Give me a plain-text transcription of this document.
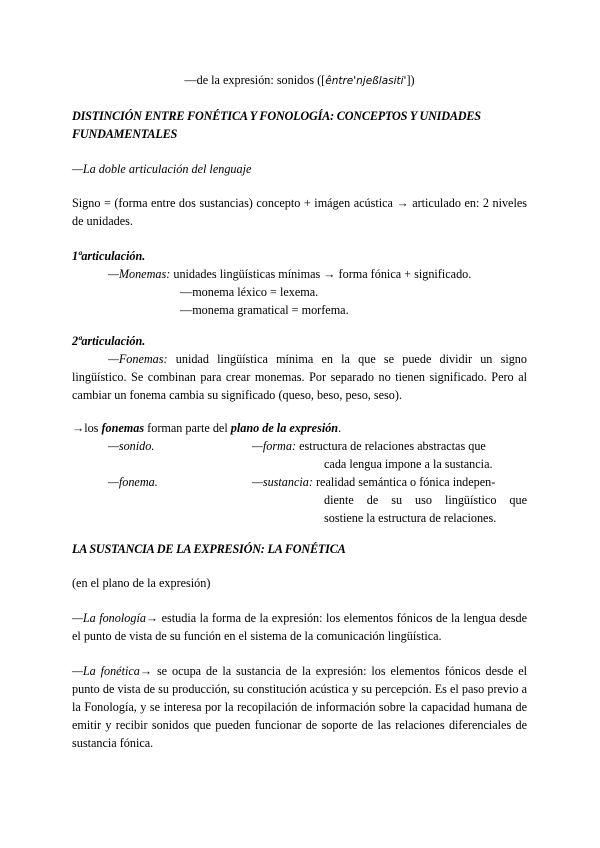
—de la expresión: sonidos ([êntre'njeßlasiti'])
DISTINCIÓN ENTRE FONÉTICA Y FONOLOGÍA: CONCEPTOS Y UNIDADES
FUNDAMENTALES
—La doble articulación del lenguaje
Signo = (forma entre dos sustancias) concepto + imágen acústica → articulado en: 2 niveles de unidades.
1ªarticulación.
—Monemas: unidades lingüísticas mínimas → forma fónica + significado.
—monema léxico = lexema.
—monema gramatical = morfema.
2ªarticulación.
—Fonemas: unidad lingüística mínima en la que se puede dividir un signo lingüístico. Se combinan para crear monemas. Por separado no tienen significado. Pero al cambiar un fonema cambia su significado (queso, beso, peso, seso).
→los fonemas forman parte del plano de la expresión.
—sonido.	—forma: estructura de relaciones abstractas que
cada lengua impone a la sustancia.
—fonema.	—sustancia: realidad semántica o fónica indepen-
diente de su uso lingüístico que
sostiene la estructura de relaciones.
LA SUSTANCIA DE LA EXPRESIÓN: LA FONÉTICA
(en el plano de la expresión)
—La fonología→ estudia la forma de la expresión: los elementos fónicos de la lengua desde el punto de vista de su función en el sistema de la comunicación lingüística.
—La fonética→ se ocupa de la sustancia de la expresión: los elementos fónicos desde el punto de vista de su producción, su constitución acústica y su percepción. Es el paso previo a la Fonología, y se interesa por la recopilación de información sobre la capacidad humana de emitir y recibir sonidos que pueden funcionar de soporte de las relaciones diferenciales de sustancia fónica.
